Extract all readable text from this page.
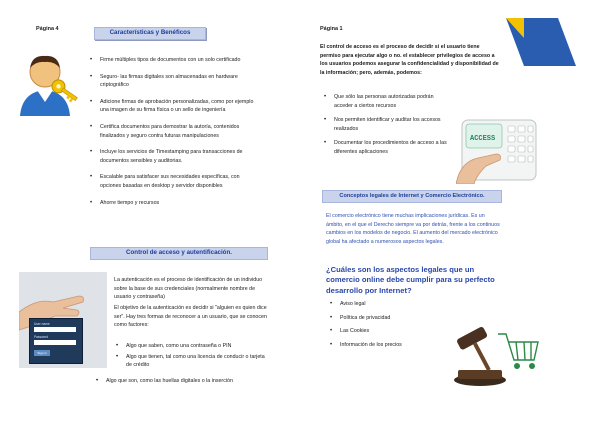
Página 4	Características y Benéficos
• Firme múltiples tipos de documentos con un solo certificado
• Seguro- las firmas digitales son almacenadas en hardware criptográfico
• Adicione firmas de aprobación personalizadas, como por ejemplo una imagen de su firma física o un sello de ingeniería
• Certifica documentos para demostrar la autoría, contenidos finalizados y seguro contra futuras manipulaciones
• Incluye los servicios de Timestamping para transacciones de documentos sensibles y auditorias.
• Escalable para satisfacer sus necesidades específicas, con opciones basadas en desktop y servidor disponibles
• Ahorre tiempo y recursos
Control de acceso y autentificación.
User name
Password
Sign in
La autenticación es el proceso de identificación de un individuo sobre la base de sus credenciales (normalmente nombre de usuario y contraseña)
El objetivo de la autenticación es decidir si "alguien es quien dice ser". Hay tres formas de reconocer a un usuario, que se conocen como factores:
• Algo que saben, como una contraseña o PIN
• Algo que tienen, tal como una licencia de conducir o tarjeta de crédito
• Algo que son, como las huellas digitales o la inserción
Página 1
El control de acceso es el proceso de decidir si el usuario tiene permiso para ejecutar algo o no. el establecer privilegios de acceso a los usuarios podemos asegurar la confidencialidad y disponibilidad de la información; pero, además, podemos:
• Que sólo las personas autorizadas podrán acceder a ciertos recursos
• Nos permiten identificar y auditar los accesos realizados
• Documentar los procedimientos de acceso a las diferentes aplicaciones
ACCESS
Conceptos legales de Internet y Comercio Electrónico.
El comercio electrónico tiene muchas implicaciones jurídicas. Es un ámbito, en el que el Derecho siempre va por detrás, frente a los continuos cambios en los modelos de negocio. El aumento del mercado electrónico global ha afectado a numerosos aspectos legales.
¿Cuáles son los aspectos legales que un comercio online debe cumplir para su perfecto desarrollo por Internet?
• Aviso legal
• Política de privacidad
• Las Cookies
• Información de los precios
